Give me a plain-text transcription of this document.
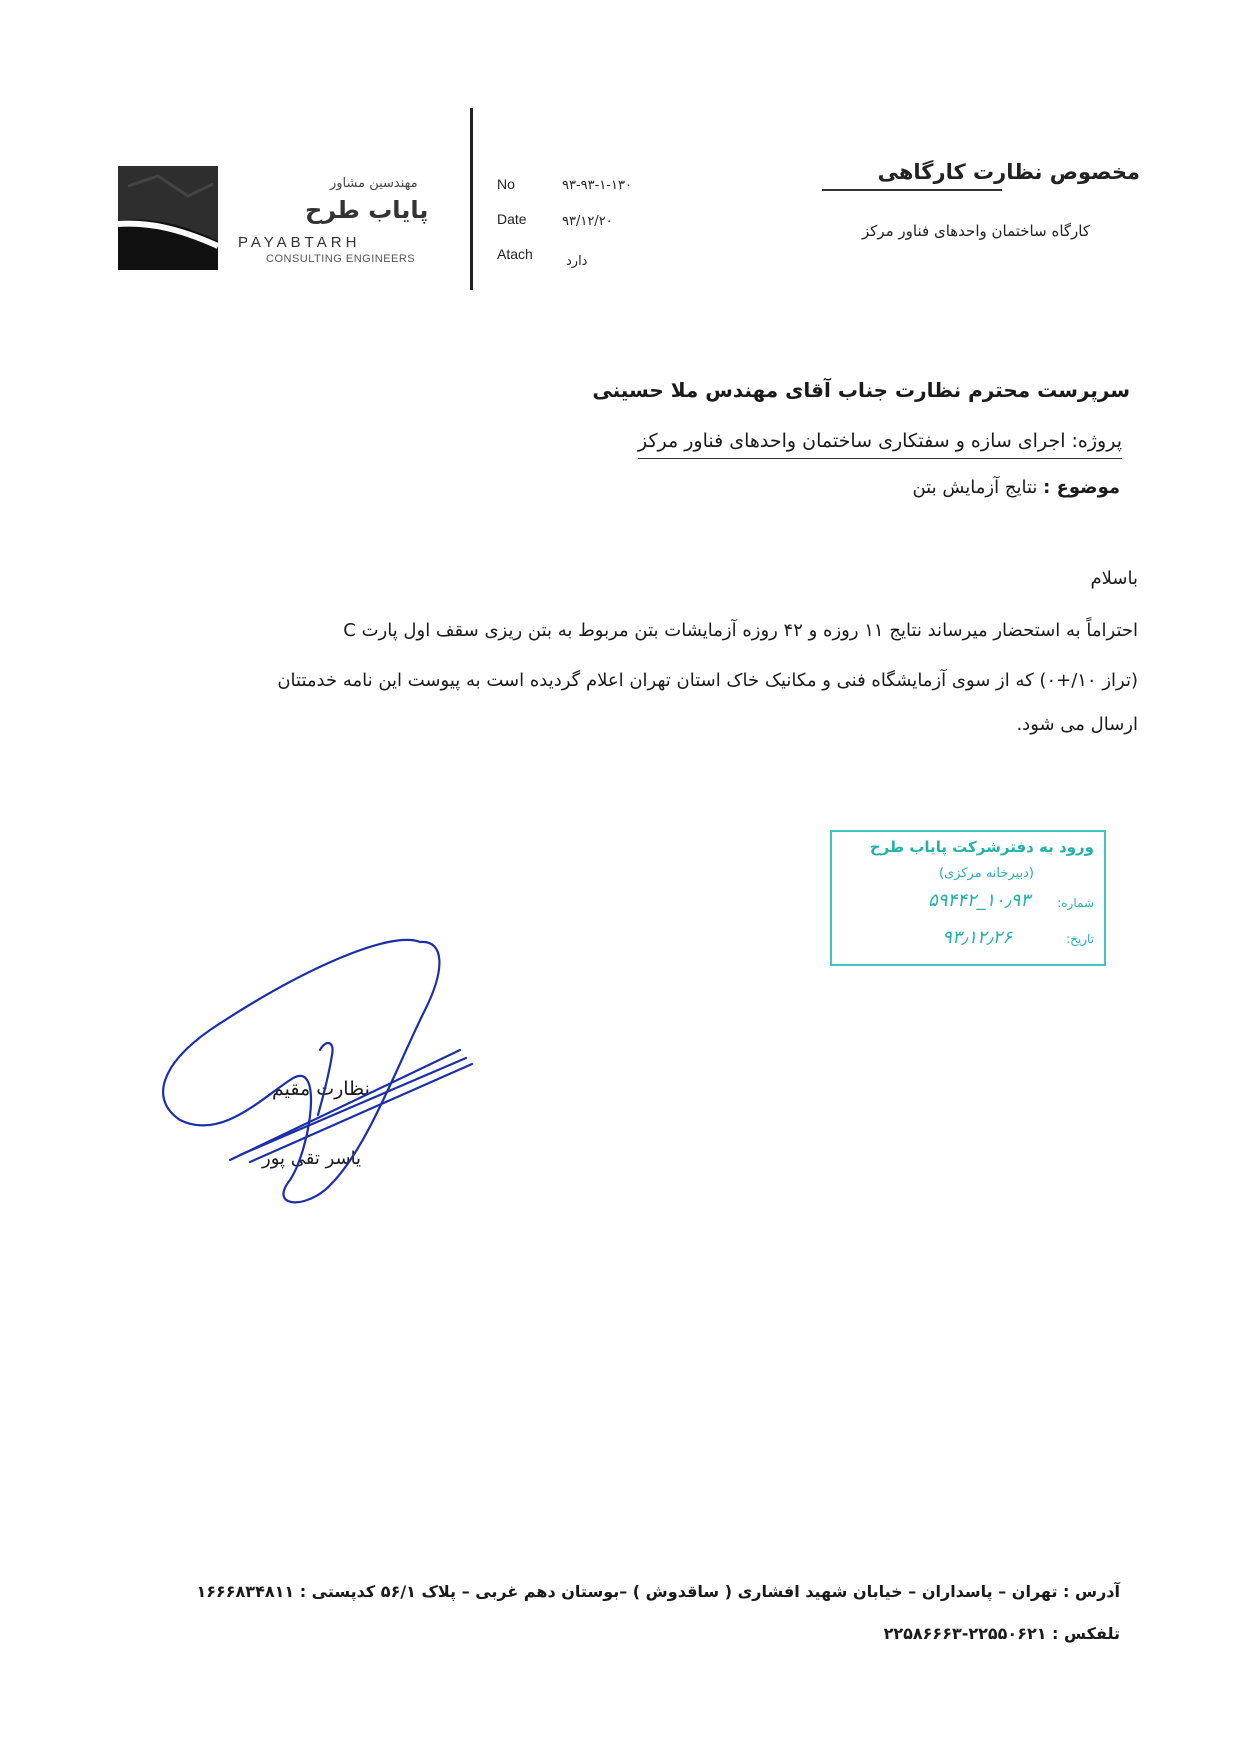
مهندسین مشاور
پایاب طرح
PAYABTARH
CONSULTING ENGINEERS
No	۹۳-۹۳-۱-۱۳۰
Date	۹۳/۱۲/۲۰
Atach	دارد
مخصوص نظارت کارگاهی
کارگاه ساختمان واحدهای فناور مرکز
سرپرست محترم نظارت جناب آقای مهندس ملا حسینی
پروژه: اجرای سازه و سفتکاری ساختمان واحدهای فناور مرکز
موضوع : نتایج آزمایش بتن
باسلام
احتراماً به استحضار میرساند نتایج ۱۱ روزه و ۴۲ روزه آزمایشات بتن مربوط به بتن ریزی سقف اول پارت C
(تراز ۱۰/+۰) که از سوی آزمایشگاه فنی و مکانیک خاک استان تهران اعلام گردیده است به پیوست این نامه خدمتتان
ارسال می شود.
ورود به دفترشرکت پایاب طرح
(دبیرخانه مرکزی)
شماره:
۱۰٫۹۳_۵۹۴۴۲
تاریخ:
۹۳٫۱۲٫۲۶
نظارت مقیم
یاسر تقی پور
آدرس : تهران – پاسداران – خیابان شهید افشاری ( ساقدوش ) –بوستان دهم غربی – پلاک ۵۶/۱ کدپستی : ۱۶۶۶۸۳۴۸۱۱
تلفکس : ۲۲۵۵۰۶۲۱-۲۲۵۸۶۶۶۳
